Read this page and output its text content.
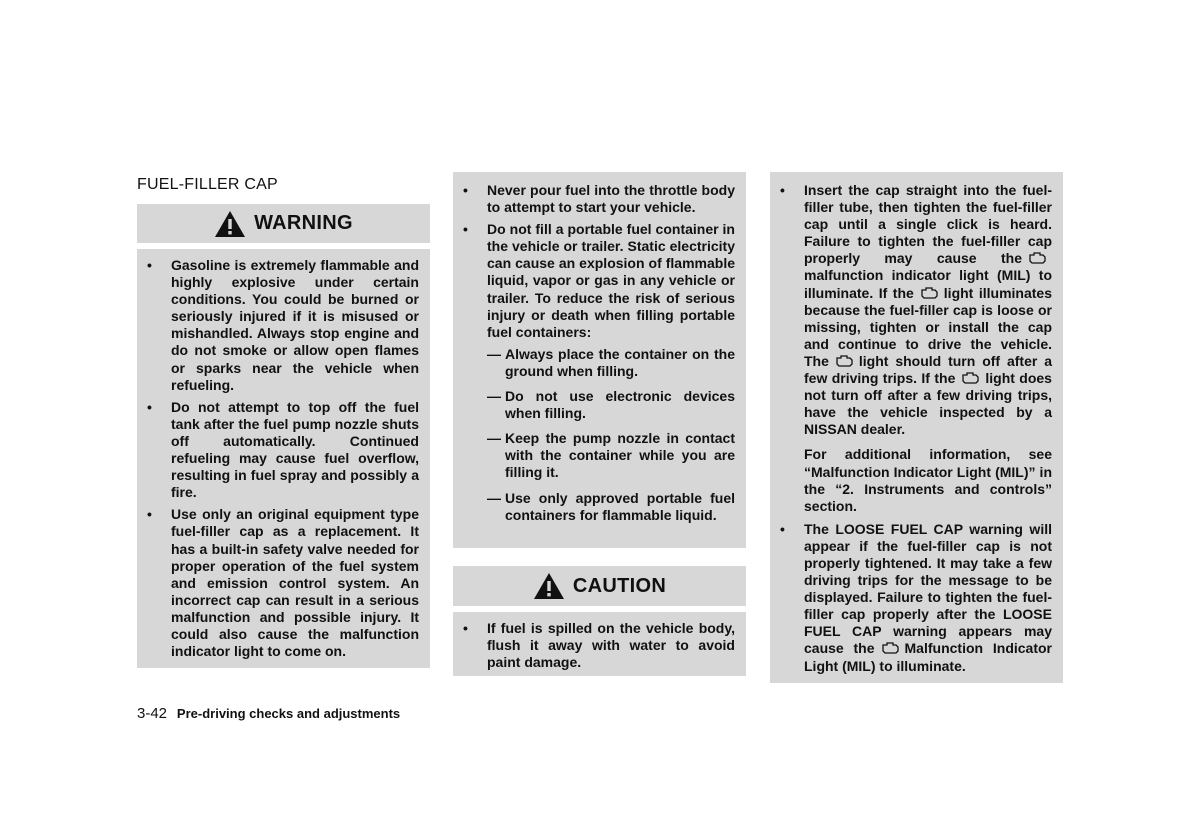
FUEL-FILLER CAP
WARNING
• Gasoline is extremely flammable and highly explosive under certain conditions. You could be burned or seriously injured if it is misused or mishandled. Always stop engine and do not smoke or allow open flames or sparks near the vehicle when refueling.
• Do not attempt to top off the fuel tank after the fuel pump nozzle shuts off automatically. Continued refueling may cause fuel overflow, resulting in fuel spray and possibly a fire.
• Use only an original equipment type fuel-filler cap as a replacement. It has a built-in safety valve needed for proper operation of the fuel system and emission control system. An incorrect cap can result in a serious malfunction and possible injury. It could also cause the malfunction indicator light to come on.
• Never pour fuel into the throttle body to attempt to start your vehicle.
• Do not fill a portable fuel container in the vehicle or trailer. Static electricity can cause an explosion of flammable liquid, vapor or gas in any vehicle or trailer. To reduce the risk of serious injury or death when filling portable fuel containers:
— Always place the container on the ground when filling.
— Do not use electronic devices when filling.
— Keep the pump nozzle in contact with the container while you are filling it.
— Use only approved portable fuel containers for flammable liquid.
CAUTION
• If fuel is spilled on the vehicle body, flush it away with water to avoid paint damage.
• Insert the cap straight into the fuel-filler tube, then tighten the fuel-filler cap until a single click is heard. Failure to tighten the fuel-filler cap properly may cause themalfunction indicator light (MIL) to illuminate. If the light illuminates because the fuel-filler cap is loose or missing, tighten or install the cap and continue to drive the vehicle. The light should turn off after a few driving trips. If the light does not turn off after a few driving trips, have the vehicle inspected by a NISSAN dealer.
For additional information, see “Malfunction Indicator Light (MIL)” in the “2. Instruments and controls” section.
• The LOOSE FUEL CAP warning will appear if the fuel-filler cap is not properly tightened. It may take a few driving trips for the message to be displayed. Failure to tighten the fuel-filler cap properly after the LOOSE FUEL CAP warning appears may cause the Malfunction Indicator Light (MIL) to illuminate.
3-42 Pre-driving checks and adjustments
